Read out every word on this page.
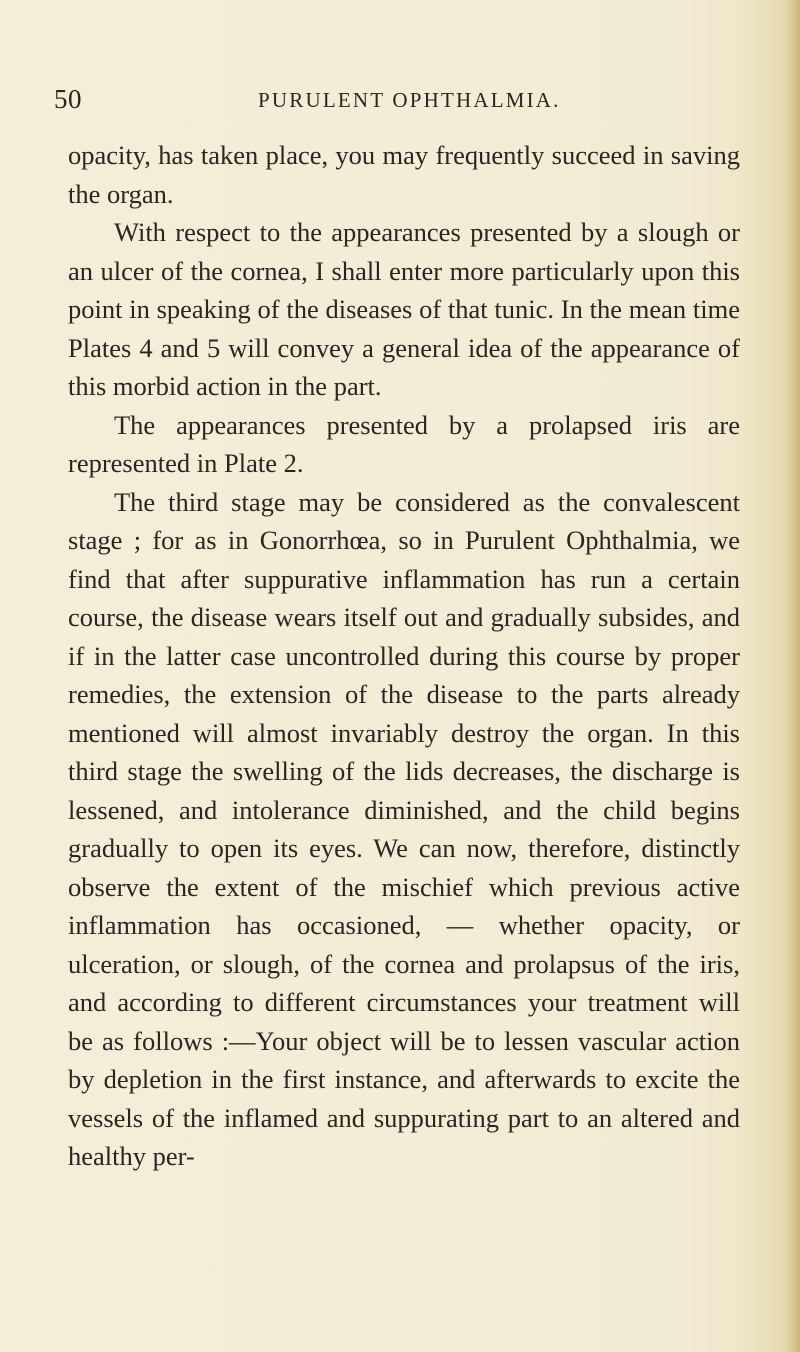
50	PURULENT OPHTHALMIA.

opacity, has taken place, you may frequently succeed in saving the organ.

With respect to the appearances presented by a slough or an ulcer of the cornea, I shall enter more particularly upon this point in speaking of the diseases of that tunic. In the mean time Plates 4 and 5 will convey a general idea of the appearance of this morbid action in the part.

The appearances presented by a prolapsed iris are represented in Plate 2.

The third stage may be considered as the convalescent stage ; for as in Gonorrhœa, so in Purulent Ophthalmia, we find that after suppurative inflammation has run a certain course, the disease wears itself out and gradually subsides, and if in the latter case uncontrolled during this course by proper remedies, the extension of the disease to the parts already mentioned will almost invariably destroy the organ. In this third stage the swelling of the lids decreases, the discharge is lessened, and intolerance diminished, and the child begins gradually to open its eyes. We can now, therefore, distinctly observe the extent of the mischief which previous active inflammation has occasioned, — whether opacity, or ulceration, or slough, of the cornea and prolapsus of the iris, and according to different circumstances your treatment will be as follows :—Your object will be to lessen vascular action by depletion in the first instance, and afterwards to excite the vessels of the inflamed and suppurating part to an altered and healthy per-
